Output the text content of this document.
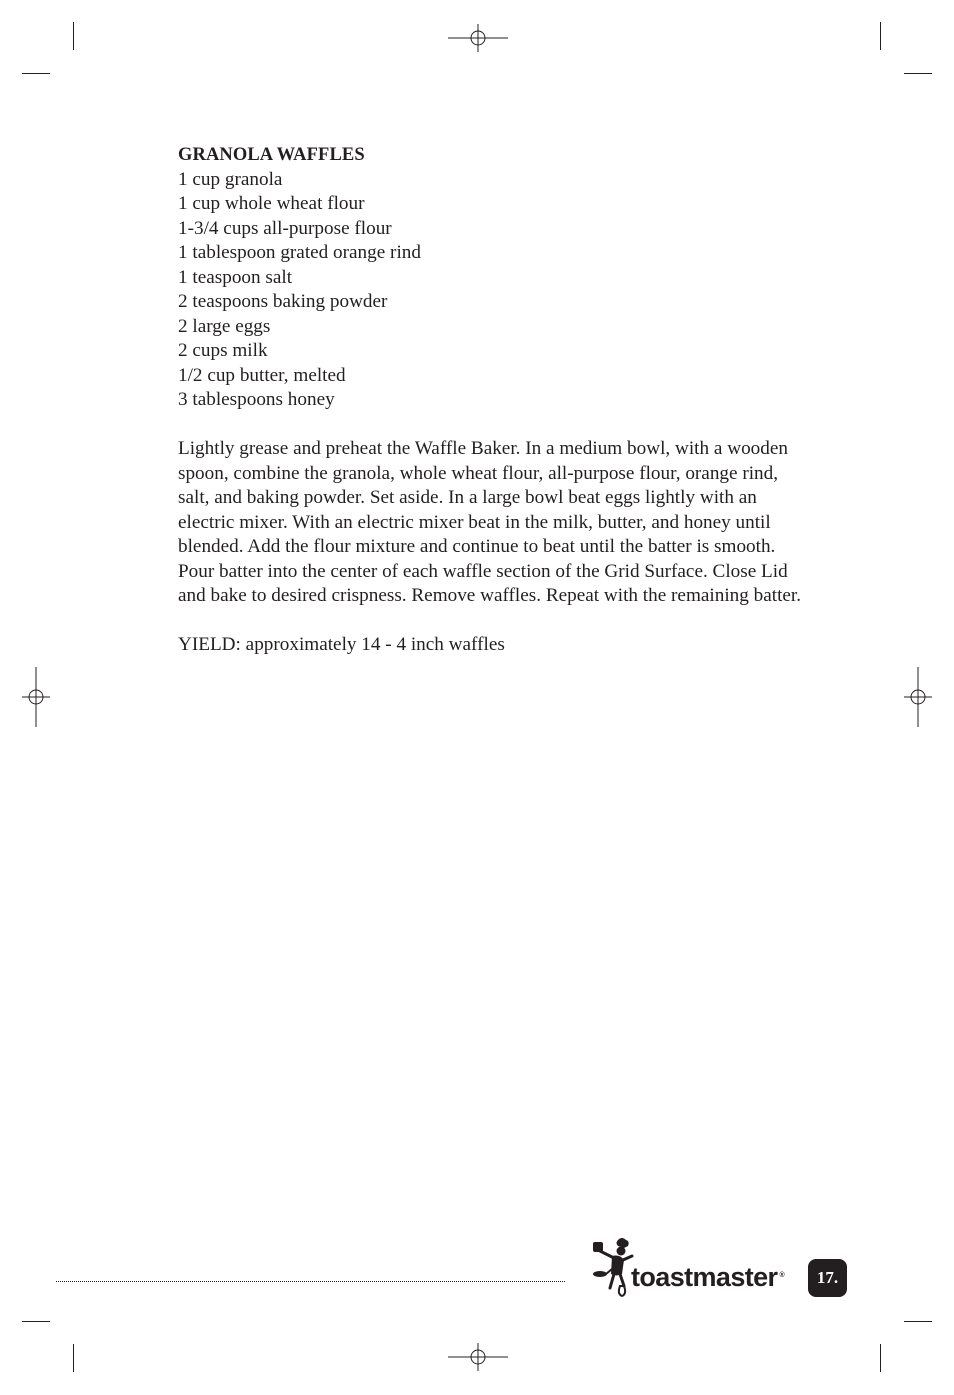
GRANOLA WAFFLES
1 cup granola
1 cup whole wheat flour
1-3/4 cups all-purpose flour
1 tablespoon grated orange rind
1 teaspoon salt
2 teaspoons baking powder
2 large eggs
2 cups milk
1/2 cup butter, melted
3 tablespoons honey
Lightly grease and preheat the Waffle Baker. In a medium bowl, with a wooden spoon, combine the granola, whole wheat flour, all-purpose flour, orange rind, salt, and baking powder. Set aside. In a large bowl beat eggs lightly with an electric mixer. With an electric mixer beat in the milk, butter, and honey until blended. Add the flour mixture and continue to beat until the batter is smooth. Pour batter into the center of each waffle section of the Grid Surface. Close Lid and bake to desired crispness. Remove waffles. Repeat with the remaining batter.
YIELD: approximately 14 - 4 inch waffles
toastmaster ® 17.
